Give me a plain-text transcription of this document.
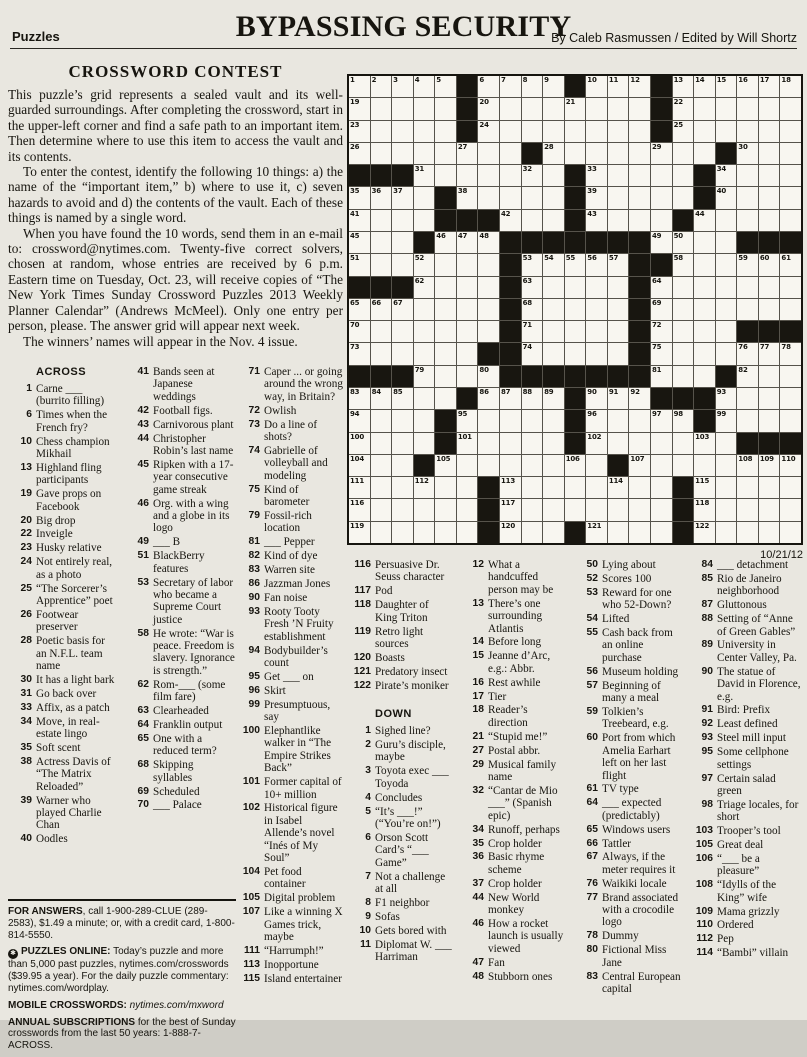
Puzzles	BYPASSING SECURITY
By Caleb Rasmussen / Edited by Will Shortz
CROSSWORD CONTEST

This puzzle’s grid represents a sealed vault and its well-guarded surroundings. After completing the crossword, start in the upper-left corner and find a safe path to an important item. Then determine where to use this item to access the vault and its contents.

To enter the contest, identify the following 10 things: a) the name of the “important item,” b) where to use it, c) seven hazards to avoid and d) the contents of the vault. Each of these things is named by a single word.

When you have found the 10 words, send them in an e-mail to: crossword@nytimes.com. Twenty-five correct solvers, chosen at random, whose entries are received by 6 p.m. Eastern time on Tuesday, Oct. 23, will receive copies of “The New York Times Sunday Crossword Puzzles 2013 Weekly Planner Calendar” (Andrews McMeel). Only one entry per person, please. The answer grid will appear next week.

The winners’ names will appear in the Nov. 4 issue.

ACROSS
1 Carne ___ (burrito filling)
6 Times when the French fry?
10 Chess champion Mikhail
13 Highland fling participants
19 Gave props on Facebook
20 Big drop
22 Inveigle
23 Husky relative
24 Not entirely real, as a photo
25 “The Sorcerer’s Apprentice” poet
26 Footwear preserver
28 Poetic basis for an N.F.L. team name
30 It has a light bark
31 Go back over
33 Affix, as a patch
34 Move, in real-estate lingo
35 Soft scent
38 Actress Davis of “The Matrix Reloaded”
39 Warner who played Charlie Chan
40 Oodles
41 Bands seen at Japanese weddings
42 Football figs.
43 Carnivorous plant
44 Christopher Robin’s last name
45 Ripken with a 17-year consecutive game streak
46 Org. with a wing and a globe in its logo
49 ___ B
51 BlackBerry features
53 Secretary of labor who became a Supreme Court justice
58 He wrote: “War is peace. Freedom is slavery. Ignorance is strength.”
62 Rom-___ (some film fare)
63 Clearheaded
64 Franklin output
65 One with a reduced term?
68 Skipping syllables
69 Scheduled
70 ___ Palace
71 Caper ... or going around the wrong way, in Britain?
72 Owlish
73 Do a line of shots?
74 Gabrielle of volleyball and modeling
75 Kind of barometer
79 Fossil-rich location
81 ___ Pepper
82 Kind of dye
83 Warren site
86 Jazzman Jones
90 Fan noise
93 Rooty Tooty Fresh ’N Fruity establishment
94 Bodybuilder’s count
95 Get ___ on
96 Skirt
99 Presumptuous, say
100 Elephantlike walker in “The Empire Strikes Back”
101 Former capital of 10+ million
102 Historical figure in Isabel Allende’s novel “Inés of My Soul”
104 Pet food container
105 Digital problem
107 Like a winning X Games trick, maybe
111 “Harrumph!”
113 Inopportune
115 Island entertainer
1 2 3 4 5	6 7 8 9	10 11 12	13 14 15 16 17 18
19	20	21	22
23	24	25
26	27	28	29	30
31	32	33	34
35 36 37	38	39	40
41	42	43	44
45	46 47 48	49 50
51	52	53 54 55 56 57	58	59 60 61
62	63	64
65 66 67	68	69
70	71	72
73	74	75	76 77 78
79	80	81	82
83 84 85	86 87 88 89	90 91 92	93
94	95	96	97 98	99
100	101	102	103
104	105	106	107	108 109 110
111	112	113	114	115
116	117	118
119	120	121	122
10/21/12
116 Persuasive Dr. Seuss character
117 Pod
118 Daughter of King Triton
119 Retro light sources
120 Boasts
121 Predatory insect
122 Pirate’s moniker
DOWN
1 Sighed line?
2 Guru’s disciple, maybe
3 Toyota exec ___ Toyoda
4 Concludes
5 “It’s ___!” (“You’re on!”)
6 Orson Scott Card’s “___ Game”
7 Not a challenge at all
8 F1 neighbor
9 Sofas
10 Gets bored with
11 Diplomat W. ___ Harriman
12 What a handcuffed person may be
13 There’s one surrounding Atlantis
14 Before long
15 Jeanne d’Arc, e.g.: Abbr.
16 Rest awhile
17 Tier
18 Reader’s direction
21 “Stupid me!”
27 Postal abbr.
29 Musical family name
32 “Cantar de Mio ___” (Spanish epic)
34 Runoff, perhaps
35 Crop holder
36 Basic rhyme scheme
37 Crop holder
44 New World monkey
46 How a rocket launch is usually viewed
47 Fan
48 Stubborn ones
50 Lying about
52 Scores 100
53 Reward for one who 52-Down?
54 Lifted
55 Cash back from an online purchase
56 Museum holding
57 Beginning of many a meal
59 Tolkien’s Treebeard, e.g.
60 Port from which Amelia Earhart left on her last flight
61 TV type
64 ___ expected (predictably)
65 Windows users
66 Tattler
67 Always, if the meter requires it
76 Waikiki locale
77 Brand associated with a crocodile logo
78 Dummy
80 Fictional Miss Jane
83 Central European capital
84 ___ detachment
85 Rio de Janeiro neighborhood
87 Gluttonous
88 Setting of “Anne of Green Gables”
89 University in Center Valley, Pa.
90 The statue of David in Florence, e.g.
91 Bird: Prefix
92 Least defined
93 Steel mill input
95 Some cellphone settings
97 Certain salad green
98 Triage locales, for short
103 Trooper’s tool
105 Great deal
106 “___ be a pleasure”
108 “Idylls of the King” wife
109 Mama grizzly
110 Ordered
112 Pep
114 “Bambi” villain

FOR ANSWERS, call 1-900-289-CLUE (289-2583), $1.49 a minute; or, with a credit card, 1-800-814-5550.

✱ PUZZLES ONLINE: Today’s puzzle and more than 5,000 past puzzles, nytimes.com/crosswords ($39.95 a year). For the daily puzzle commentary: nytimes.com/wordplay.

MOBILE CROSSWORDS: nytimes.com/mxword

ANNUAL SUBSCRIPTIONS for the best of Sunday crosswords from the last 50 years: 1-888-7-ACROSS.
